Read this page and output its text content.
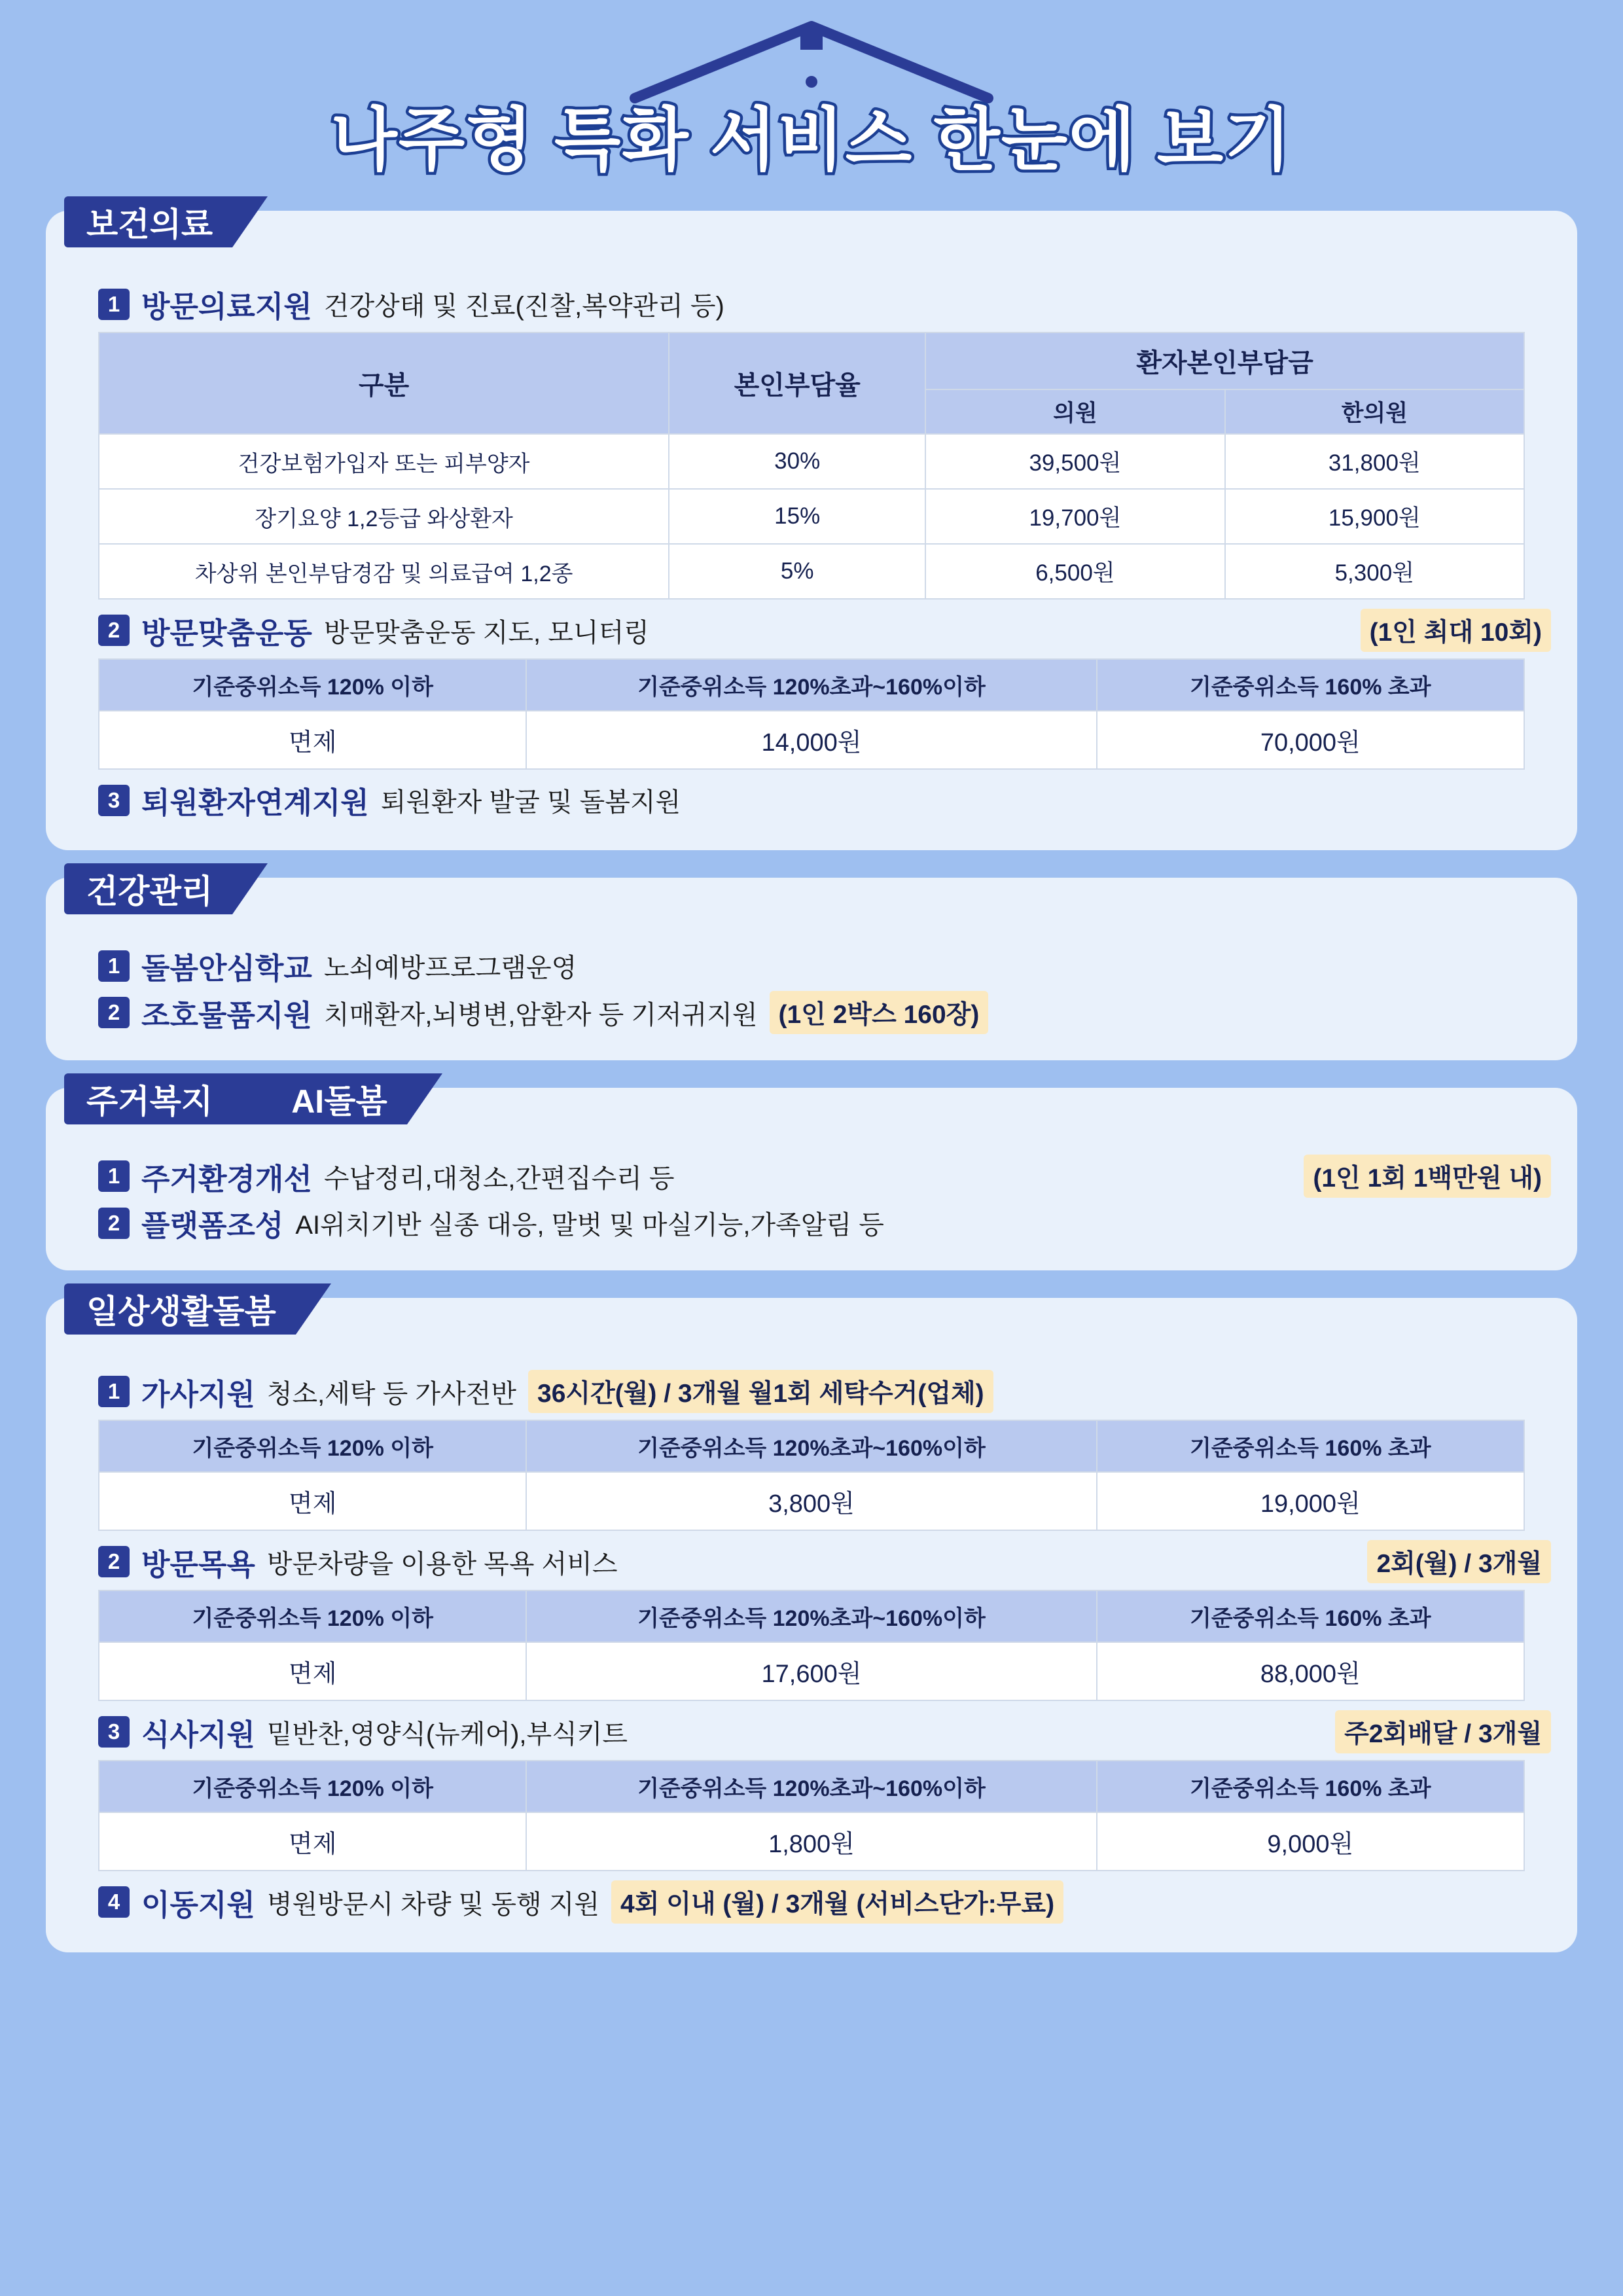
나주형 특화 서비스 한눈에 보기
보건의료
1 방문의료지원 건강상태 및 진료(진찰,복약관리 등)
구분	본인부담율	환자본인부담금	
		의원	한의원
건강보험가입자 또는 피부양자	30%	39,500원	31,800원
장기요양 1,2등급 와상환자	15%	19,700원	15,900원
차상위 본인부담경감 및 의료급여 1,2종	5%	6,500원	5,300원
2 방문맞춤운동 방문맞춤운동 지도, 모니터링	(1인 최대 10회)
기준중위소득 120% 이하	기준중위소득 120%초과~160%이하	기준중위소득 160% 초과
면제	14,000원	70,000원
3 퇴원환자연계지원 퇴원환자 발굴 및 돌봄지원
건강관리
1 돌봄안심학교 노쇠예방프로그램운영
2 조호물품지원 치매환자,뇌병변,암환자 등 기저귀지원 (1인 2박스 160장)
주거복지 AI돌봄
1 주거환경개선 수납정리,대청소,간편집수리 등	(1인 1회 1백만원 내)
2 플랫폼조성 AI위치기반 실종 대응, 말벗 및 마실기능,가족알림 등
일상생활돌봄
1 가사지원 청소,세탁 등 가사전반 36시간(월) / 3개월 월1회 세탁수거(업체)
기준중위소득 120% 이하	기준중위소득 120%초과~160%이하	기준중위소득 160% 초과
면제	3,800원	19,000원
2 방문목욕 방문차량을 이용한 목욕 서비스	2회(월) / 3개월
기준중위소득 120% 이하	기준중위소득 120%초과~160%이하	기준중위소득 160% 초과
면제	17,600원	88,000원
3 식사지원 밑반찬,영양식(뉴케어),부식키트	주2회배달 / 3개월
기준중위소득 120% 이하	기준중위소득 120%초과~160%이하	기준중위소득 160% 초과
면제	1,800원	9,000원
4 이동지원 병원방문시 차량 및 동행 지원 4회 이내 (월) / 3개월 (서비스단가:무료)
